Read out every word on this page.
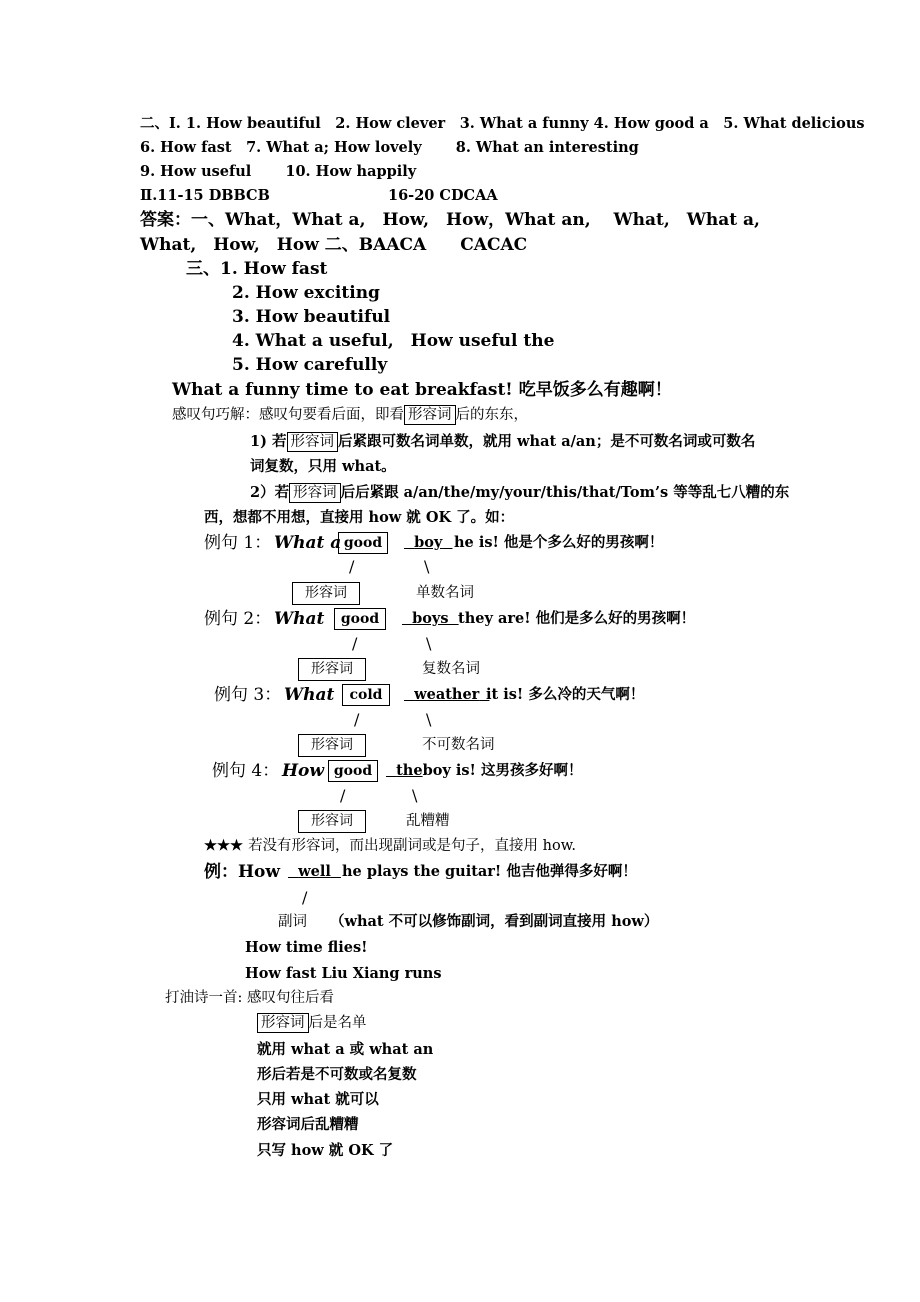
二、Ⅰ. 1. How beautiful　2. How clever　3. What a funny 4. How good a　5. What delicious
6. How fast　7. What a; How lovely　　 8. What an interesting
9. How useful　　 10. How happily
Ⅱ.11-15 DBBCB	16-20 CDCAA
答案：一、What，What a,　How,　How，What an,　 What,　What a,
What,　How,　How 二、BAACA　　CACAC
三、1. How fast
2. How exciting
3. How beautiful
4. What a useful,　How useful the
5. How carefully
What a funny time to eat breakfast! 吃早饭多么有趣啊！
感叹句巧解：感叹句要看后面，即看 形容词 后的东东，
1) 若 形容词 后紧跟可数名词单数，就用 what a/an；是不可数名词或可数名
词复数，只用 what。
2）若 形容词 后后紧跟 a/an/the/my/your/this/that/Tom’s 等等乱七八糟的东
西，想都不用想，直接用 how 就 OK 了。如：
例句 1： What a good	boy he is! 他是个多么好的男孩啊！
/	\
形容词	单数名词
例句 2： What	good	boys they are! 他们是多么好的男孩啊！
/	\
形容词	复数名词
例句 3： What	cold	weather it is! 多么冷的天气啊！
/	\
形容词	不可数名词
例句 4： How good	theboy is! 这男孩多好啊！
/	\
形容词	乱糟糟
★★★ 若没有形容词，而出现副词或是句子，直接用 how.
例：How	well he plays the guitar! 他吉他弹得多好啊！
/
副词 （what 不可以修饰副词，看到副词直接用 how）
How time flies!
How fast Liu Xiang runs
打油诗一首: 感叹句往后看
形容词 后是名单
就用 what a 或 what an
形后若是不可数或名复数
只用 what 就可以
形容词后乱糟糟
只写 how 就 OK 了
